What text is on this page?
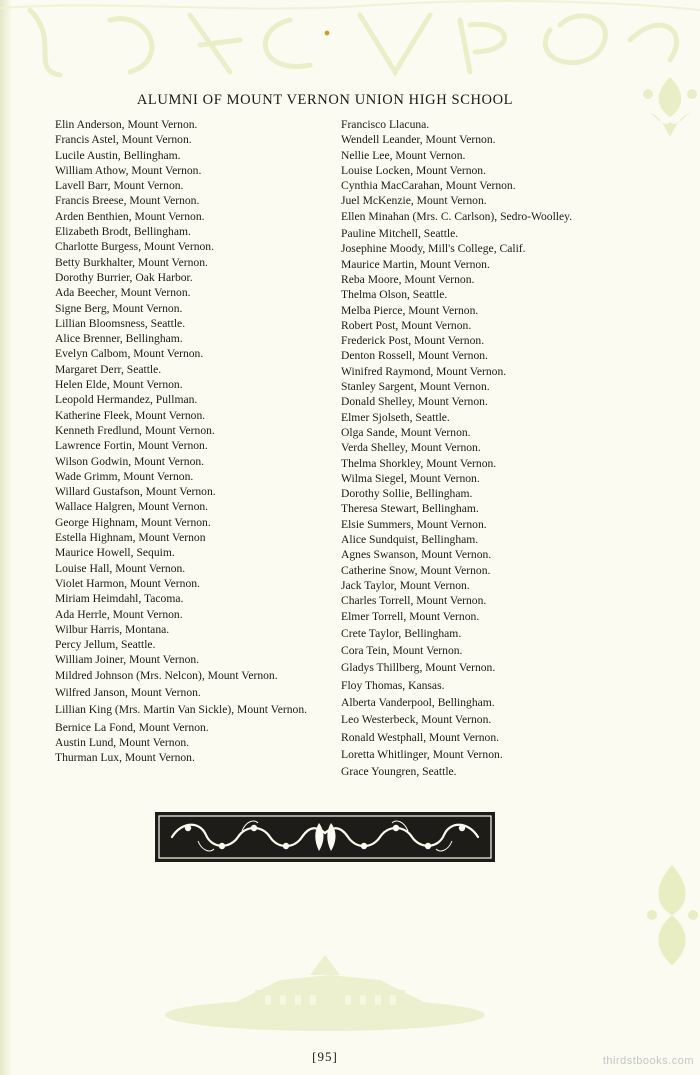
ALUMNI OF MOUNT VERNON UNION HIGH SCHOOL
Elin Anderson, Mount Vernon.
Francis Astel, Mount Vernon.
Lucile Austin, Bellingham.
William Athow, Mount Vernon.
Lavell Barr, Mount Vernon.
Francis Breese, Mount Vernon.
Arden Benthien, Mount Vernon.
Elizabeth Brodt, Bellingham.
Charlotte Burgess, Mount Vernon.
Betty Burkhalter, Mount Vernon.
Dorothy Burrier, Oak Harbor.
Ada Beecher, Mount Vernon.
Signe Berg, Mount Vernon.
Lillian Bloomsness, Seattle.
Alice Brenner, Bellingham.
Evelyn Calbom, Mount Vernon.
Margaret Derr, Seattle.
Helen Elde, Mount Vernon.
Leopold Hermandez, Pullman.
Katherine Fleek, Mount Vernon.
Kenneth Fredlund, Mount Vernon.
Lawrence Fortin, Mount Vernon.
Wilson Godwin, Mount Vernon.
Wade Grimm, Mount Vernon.
Willard Gustafson, Mount Vernon.
Wallace Halgren, Mount Vernon.
George Highnam, Mount Vernon.
Estella Highnam, Mount Vernon
Maurice Howell, Sequim.
Louise Hall, Mount Vernon.
Violet Harmon, Mount Vernon.
Miriam Heimdahl, Tacoma.
Ada Herrle, Mount Vernon.
Wilbur Harris, Montana.
Percy Jellum, Seattle.
William Joiner, Mount Vernon.
Mildred Johnson (Mrs. Nelcon), Mount Vernon.
Wilfred Janson, Mount Vernon.
Lillian King (Mrs. Martin Van Sickle), Mount Vernon.
Bernice La Fond, Mount Vernon.
Austin Lund, Mount Vernon.
Thurman Lux, Mount Vernon.
Francisco Llacuna.
Wendell Leander, Mount Vernon.
Nellie Lee, Mount Vernon.
Louise Locken, Mount Vernon.
Cynthia MacCarahan, Mount Vernon.
Juel McKenzie, Mount Vernon.
Ellen Minahan (Mrs. C. Carlson), Sedro-Woolley.
Pauline Mitchell, Seattle.
Josephine Moody, Mill's College, Calif.
Maurice Martin, Mount Vernon.
Reba Moore, Mount Vernon.
Thelma Olson, Seattle.
Melba Pierce, Mount Vernon.
Robert Post, Mount Vernon.
Frederick Post, Mount Vernon.
Denton Rossell, Mount Vernon.
Winifred Raymond, Mount Vernon.
Stanley Sargent, Mount Vernon.
Donald Shelley, Mount Vernon.
Elmer Sjolseth, Seattle.
Olga Sande, Mount Vernon.
Verda Shelley, Mount Vernon.
Thelma Shorkley, Mount Vernon.
Wilma Siegel, Mount Vernon.
Dorothy Sollie, Bellingham.
Theresa Stewart, Bellingham.
Elsie Summers, Mount Vernon.
Alice Sundquist, Bellingham.
Agnes Swanson, Mount Vernon.
Catherine Snow, Mount Vernon.
Jack Taylor, Mount Vernon.
Charles Torrell, Mount Vernon.
Elmer Torrell, Mount Vernon.
Crete Taylor, Bellingham.
Cora Tein, Mount Vernon.
Gladys Thillberg, Mount Vernon.
Floy Thomas, Kansas.
Alberta Vanderpool, Bellingham.
Leo Westerbeck, Mount Vernon.
Ronald Westphall, Mount Vernon.
Loretta Whitlinger, Mount Vernon.
Grace Youngren, Seattle.
[95]	thirdstbooks.com
